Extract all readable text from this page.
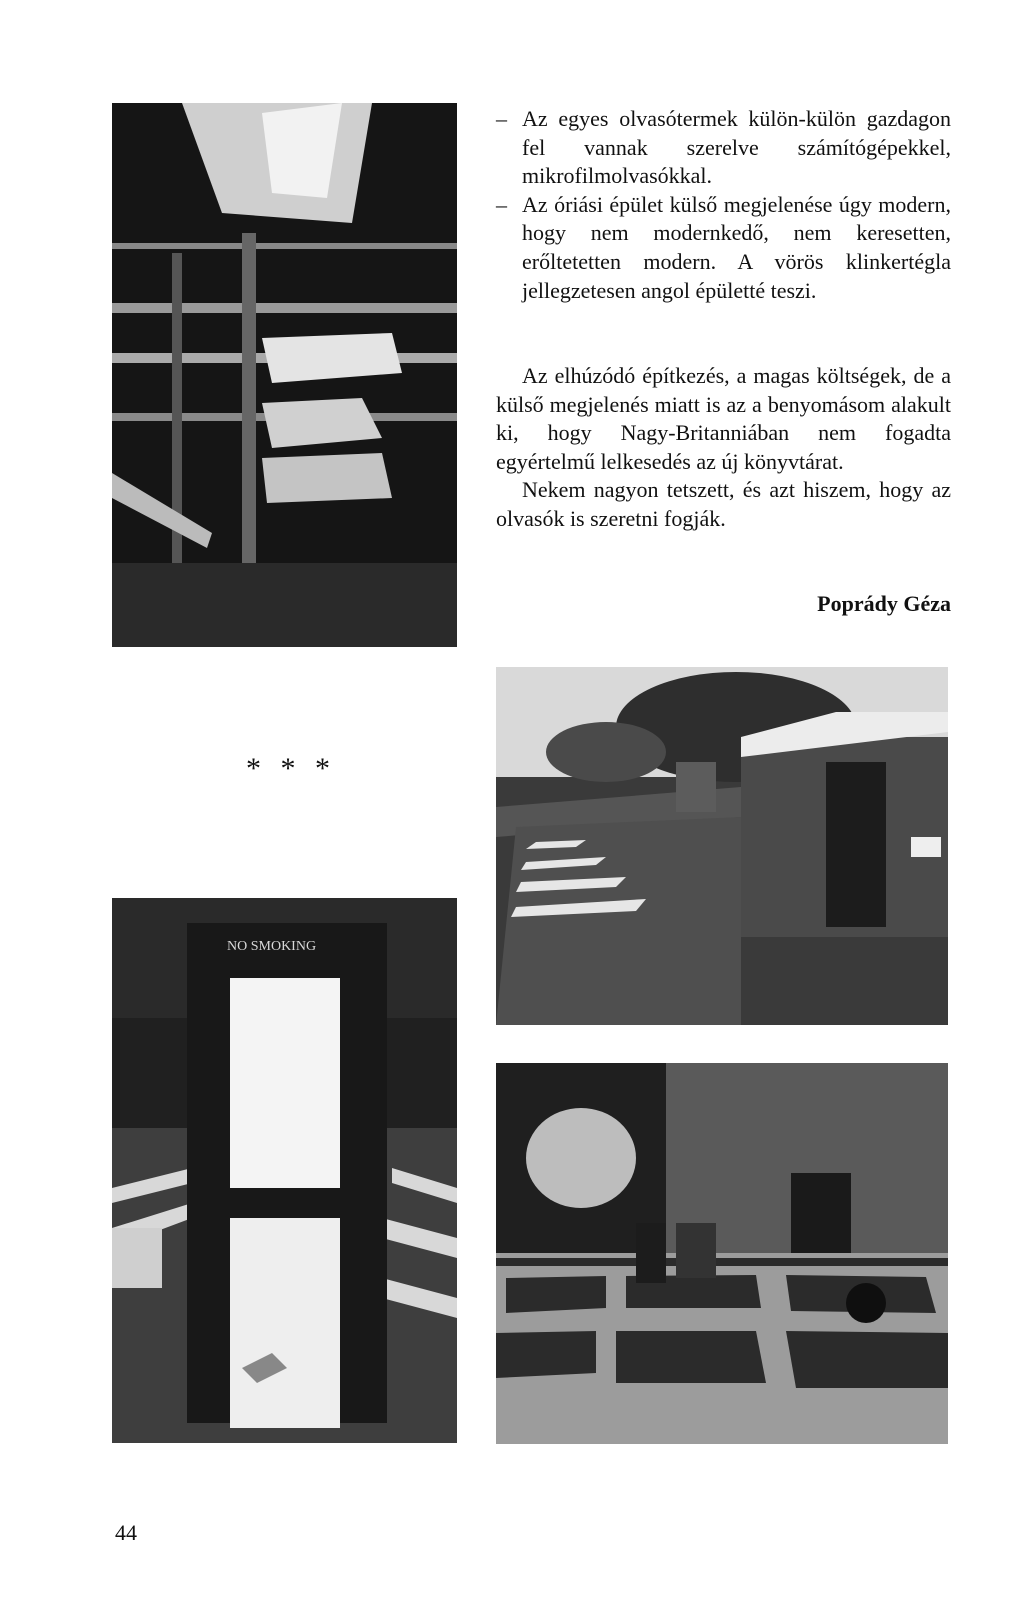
NO SMOKING

– Az egyes olvasótermek külön-külön gazdagon fel vannak szerelve számítógépekkel, mikrofilmolvasókkal.

– Az óriási épület külső megjelenése úgy modern, hogy nem modernkedő, nem keresetten, erőltetetten modern. A vörös klinkertégla jellegzetesen angol épületté teszi.

Az elhúzódó építkezés, a magas költségek, de a külső megjelenés miatt is az a benyomásom alakult ki, hogy Nagy-Britanniában nem fogadta egyértelmű lelkesedés az új könyvtárat.

Nekem nagyon tetszett, és azt hiszem, hogy az olvasók is szeretni fogják.

Poprády Géza
* * *
44
